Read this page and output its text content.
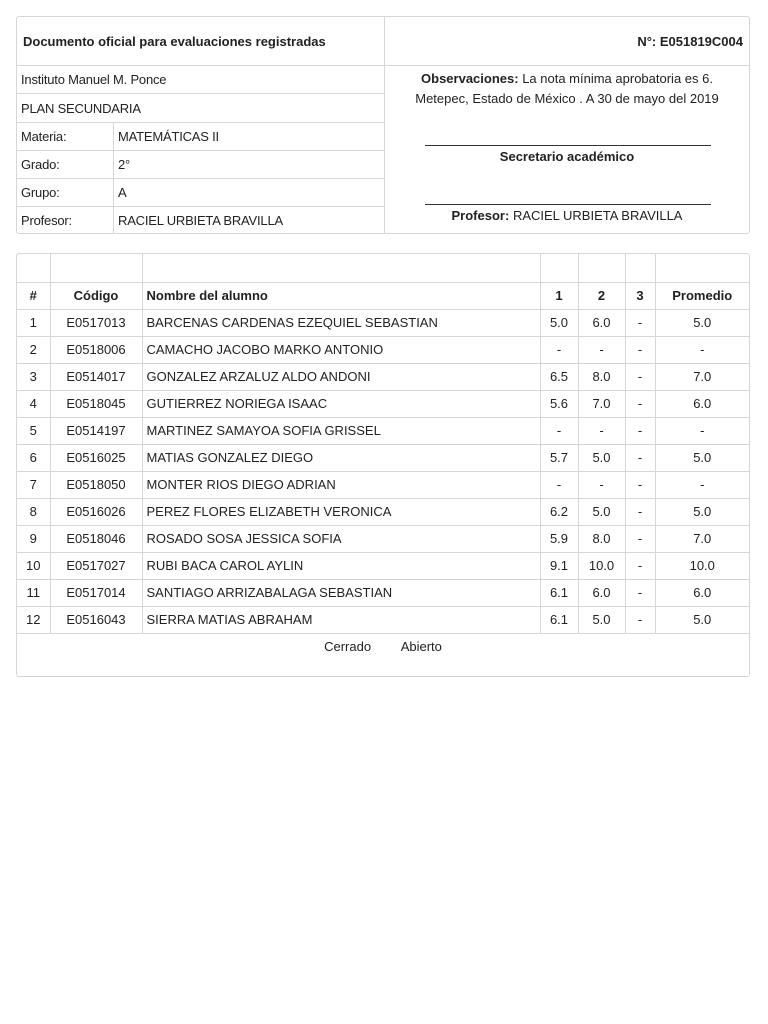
Documento oficial para evaluaciones registradas	N°: E051819C004
Instituto Manuel M. Ponce
PLAN SECUNDARIA
Materia:	MATEMÁTICAS II
Grado:	2°
Grupo:	A
Profesor:	RACIEL URBIETA BRAVILLA
Observaciones: La nota mínima aprobatoria es 6.
Metepec, Estado de México . A 30 de mayo del 2019
Secretario académico
Profesor: RACIEL URBIETA BRAVILLA

#	Código	Nombre del alumno	1	2	3	Promedio
1	E0517013	BARCENAS CARDENAS EZEQUIEL SEBASTIAN	5.0	6.0	-	5.0
2	E0518006	CAMACHO JACOBO MARKO ANTONIO	-	-	-	-
3	E0514017	GONZALEZ ARZALUZ ALDO ANDONI	6.5	8.0	-	7.0
4	E0518045	GUTIERREZ NORIEGA ISAAC	5.6	7.0	-	6.0
5	E0514197	MARTINEZ SAMAYOA SOFIA GRISSEL	-	-	-	-
6	E0516025	MATIAS GONZALEZ DIEGO	5.7	5.0	-	5.0
7	E0518050	MONTER RIOS DIEGO ADRIAN	-	-	-	-
8	E0516026	PEREZ FLORES ELIZABETH VERONICA	6.2	5.0	-	5.0
9	E0518046	ROSADO SOSA JESSICA SOFIA	5.9	8.0	-	7.0
10	E0517027	RUBI BACA CAROL AYLIN	9.1	10.0	-	10.0
11	E0517014	SANTIAGO ARRIZABALAGA SEBASTIAN	6.1	6.0	-	6.0
12	E0516043	SIERRA MATIAS ABRAHAM	6.1	5.0	-	5.0
Cerrado Abierto						
